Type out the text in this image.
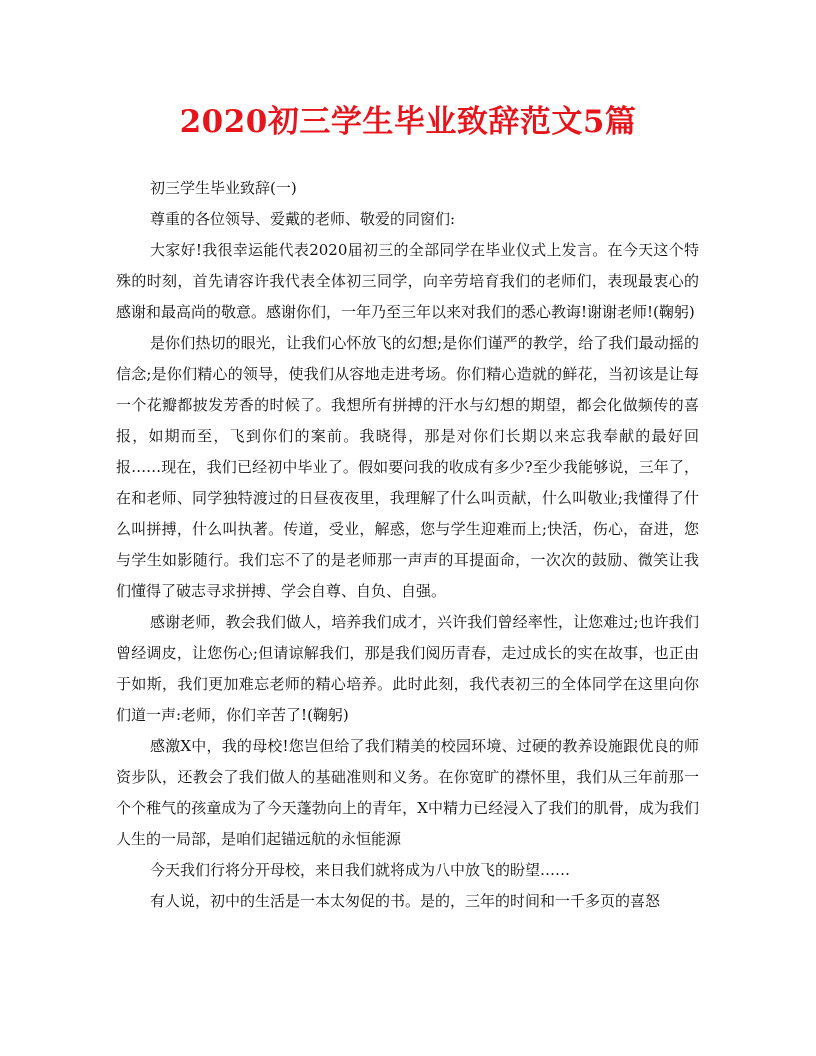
2020初三学生毕业致辞范文5篇

初三学生毕业致辞(一)

尊重的各位领导、爱戴的老师、敬爱的同窗们:

大家好!我很幸运能代表2020届初三的全部同学在毕业仪式上发言。在今天这个特殊的时刻，首先请容许我代表全体初三同学，向辛劳培育我们的老师们，表现最衷心的感谢和最高尚的敬意。感谢你们，一年乃至三年以来对我们的悉心教诲!谢谢老师!(鞠躬)

是你们热切的眼光，让我们心怀放飞的幻想;是你们谨严的教学，给了我们最动摇的信念;是你们精心的领导，使我们从容地走进考场。你们精心造就的鲜花，当初该是让每一个花瓣都披发芳香的时候了。我想所有拼搏的汗水与幻想的期望，都会化做频传的喜报，如期而至，飞到你们的案前。我晓得，那是对你们长期以来忘我奉献的最好回报……现在，我们已经初中毕业了。假如要问我的收成有多少?至少我能够说，三年了，在和老师、同学独特渡过的日昼夜夜里，我理解了什么叫贡献，什么叫敬业;我懂得了什么叫拼搏，什么叫执著。传道，受业，解惑，您与学生迎难而上;快活，伤心，奋进，您与学生如影随行。我们忘不了的是老师那一声声的耳提面命，一次次的鼓励、微笑让我们懂得了破志寻求拼搏、学会自尊、自负、自强。

感谢老师，教会我们做人，培养我们成才，兴许我们曾经率性，让您难过;也许我们曾经调皮，让您伤心;但请谅解我们，那是我们阅历青春，走过成长的实在故事，也正由于如斯，我们更加难忘老师的精心培养。此时此刻，我代表初三的全体同学在这里向你们道一声:老师，你们辛苦了!(鞠躬)

感激X中，我的母校!您岂但给了我们精美的校园环境、过硬的教养设施跟优良的师资步队，还教会了我们做人的基础准则和义务。在你宽旷的襟怀里，我们从三年前那一个个稚气的孩童成为了今天蓬勃向上的青年，X中精力已经浸入了我们的肌骨，成为我们人生的一局部，是咱们起锚远航的永恒能源

今天我们行将分开母校，来日我们就将成为八中放飞的盼望……

有人说，初中的生活是一本太匆促的书。是的，三年的时间和一千多页的喜怒
